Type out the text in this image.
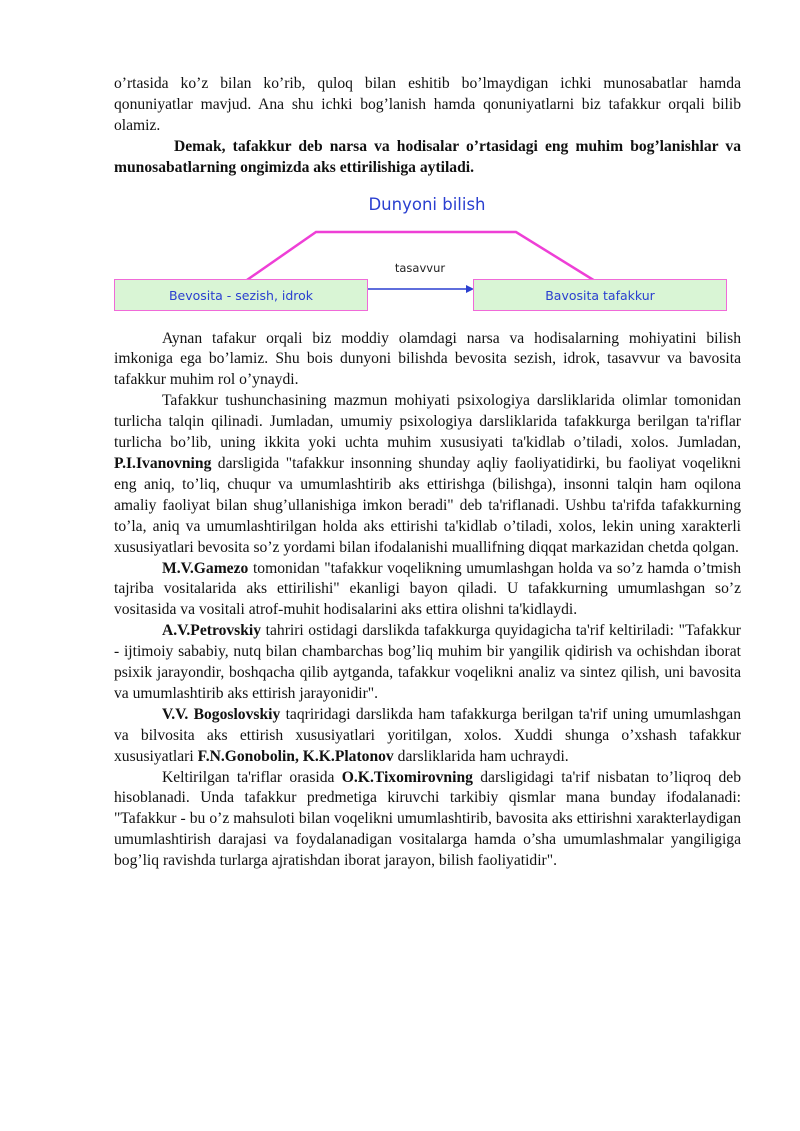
o’rtasida ko’z bilan ko’rib, quloq bilan eshitib bo’lmaydigan ichki munosabatlar hamda qonuniyatlar mavjud. Ana shu ichki bog’lanish hamda qonuniyatlarni biz tafakkur orqali bilib olamiz.

Demak, tafakkur deb narsa va hodisalar o’rtasidagi eng muhim bog’lanishlar va munosabatlarning ongimizda aks ettirilishiga aytiladi.

Dunyoni bilish
tasavvur
Bevosita - sezish, idrok	Bavosita tafakkur

Aynan tafakur orqali biz moddiy olamdagi narsa va hodisalarning mohiyatini bilish imkoniga ega bo’lamiz. Shu bois dunyoni bilishda bevosita sezish, idrok, tasavvur va bavosita tafakkur muhim rol o’ynaydi.

Tafakkur tushunchasining mazmun mohiyati psixologiya darsliklarida olimlar tomonidan turlicha talqin qilinadi. Jumladan, umumiy psixologiya darsliklarida tafakkurga berilgan ta'riflar turlicha bo’lib, uning ikkita yoki uchta muhim xususiyati ta'kidlab o’tiladi, xolos. Jumladan, P.I.Ivanovning darsligida "tafakkur insonning shunday aqliy faoliyatidirki, bu faoliyat voqelikni eng aniq, to’liq, chuqur va umumlashtirib aks ettirishga (bilishga), insonni talqin ham oqilona amaliy faoliyat bilan shug’ullanishiga imkon beradi" deb ta'riflanadi. Ushbu ta'rifda tafakkurning to’la, aniq va umumlashtirilgan holda aks ettirishi ta'kidlab o’tiladi, xolos, lekin uning xarakterli xususiyatlari bevosita so’z yordami bilan ifodalanishi muallifning diqqat markazidan chetda qolgan.

M.V.Gamezo tomonidan "tafakkur voqelikning umumlashgan holda va so’z hamda o’tmish tajriba vositalarida aks ettirilishi" ekanligi bayon qiladi. U tafakkurning umumlashgan so’z vositasida va vositali atrof-muhit hodisalarini aks ettira olishni ta'kidlaydi.

A.V.Petrovskiy tahriri ostidagi darslikda tafakkurga quyidagicha ta'rif keltiriladi: "Tafakkur - ijtimoiy sababiy, nutq bilan chambarchas bog’liq muhim bir yangilik qidirish va ochishdan iborat psixik jarayondir, boshqacha qilib aytganda, tafakkur voqelikni analiz va sintez qilish, uni bavosita va umumlashtirib aks ettirish jarayonidir".

V.V. Bogoslovskiy taqriridagi darslikda ham tafakkurga berilgan ta'rif uning umumlashgan va bilvosita aks ettirish xususiyatlari yoritilgan, xolos. Xuddi shunga o’xshash tafakkur xususiyatlari F.N.Gonobolin, K.K.Platonov darsliklarida ham uchraydi.

Keltirilgan ta'riflar orasida O.K.Tixomirovning darsligidagi ta'rif nisbatan to’liqroq deb hisoblanadi. Unda tafakkur predmetiga kiruvchi tarkibiy qismlar mana bunday ifodalanadi: "Tafakkur - bu o’z mahsuloti bilan voqelikni umumlashtirib, bavosita aks ettirishni xarakterlaydigan umumlashtirish darajasi va foydalanadigan vositalarga hamda o’sha umumlashmalar yangiligiga bog’liq ravishda turlarga ajratishdan iborat jarayon, bilish faoliyatidir".
